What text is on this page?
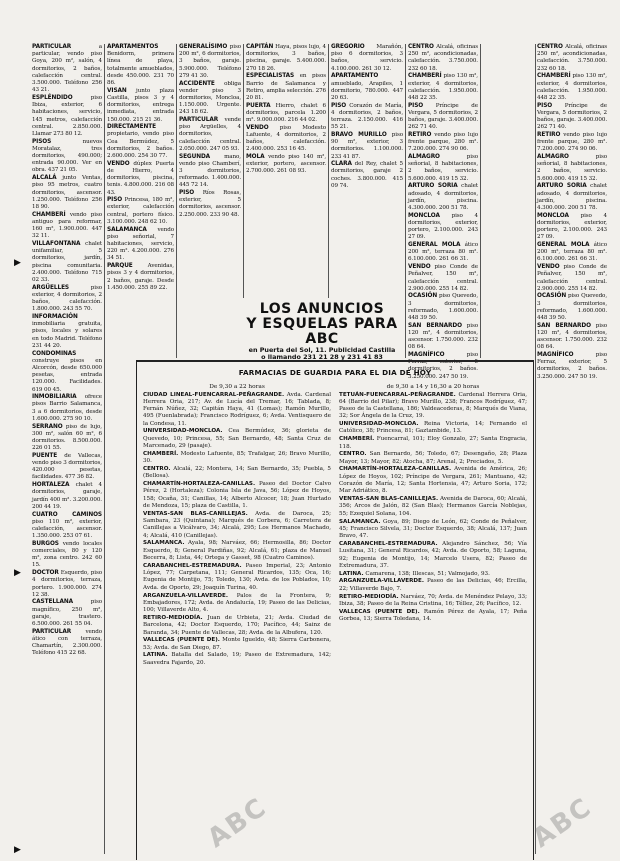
PARTICULAR a particular, vendo piso Goya, 200 m², salón, 4 dormitorios, 2 baños, calefacción central. 3.500.000. Teléfono 256 43 21.

ESPLÉNDIDO piso Ibiza, exterior, 6 habitaciones, servicio, 145 metros, calefacción central. 2.850.000. Llamar 273 80 12.

PISOS nuevos Moratalaz, tres dormitorios, 490.000; entrada 90.000. Ver en obra. 437 21 05.

ALCALÁ junto Ventas, piso 95 metros, cuatro dormitorios, ascensor. 1.250.000. Teléfono 256 18 90.

CHAMBERÍ vendo piso antiguo para reformar, 160 m², 1.900.000. 447 32 11.

VILLAFONTANA chalet unifamiliar, 5 dormitorios, jardín, piscina comunitaria. 2.400.000. Teléfono 715 02 33.

ARGÜELLES piso exterior, 4 dormitorios, 2 baños, calefacción. 1.800.000. 243 55 70.

INFORMACIÓN inmobiliaria gratuita, pisos, locales y solares en todo Madrid. Teléfono 231 44 20.

CONDOMINAS construye pisos en Alcorcón, desde 650.000 pesetas, entrada 120.000. Facilidades. 619 00 45.

INMOBILIARIA ofrece pisos Barrio Salamanca, 3 a 6 dormitorios, desde 1.600.000. 275 90 10.

SERRANO piso de lujo, 300 m², salón 60 m², 6 dormitorios. 8.500.000. 226 01 55.

PUENTE de Vallecas, vendo piso 3 dormitorios, 420.000 pesetas, facilidades. 477 36 82.

HORTALEZA chalet 4 dormitorios, garaje, jardín 400 m². 3.200.000. 200 44 19.

CUATRO CAMINOS piso 110 m², exterior, calefacción, ascensor. 1.350.000. 253 07 61.

BURGOS vendo locales comerciales, 80 y 120 m², zona centro. 242 60 15.

DOCTOR Esquerdo, piso 4 dormitorios, terraza, portero. 1.900.000. 274 12 38.

CASTELLANA piso magnífico, 250 m², garaje, trastero. 6.500.000. 261 55 04.

PARTICULAR vendo ático con terraza, Chamartín, 2.300.000. Teléfono 415 22 68.

APARTAMENTOS Benidorm, primera línea de playa, totalmente amueblados, desde 450.000. 231 70 86.

VISAN junto plaza Castilla, pisos 3 y 4 dormitorios, entrega inmediata, entrada 150.000. 215 21 36.

DIRECTAMENTE propietario, vendo piso Cea Bermúdez, 5 dormitorios, 2 baños. 2.600.000. 254 30 77.

VENDO dúplex Puerta de Hierro, 4 dormitorios, piscina, tenis. 4.800.000. 216 08 43.

PISO Princesa, 180 m², exterior, calefacción central, portero físico. 3.100.000. 248 62 10.

SALAMANCA vendo piso señorial, 7 habitaciones, servicio, 220 m². 4.200.000. 276 34 51.

PARQUE Avenidas, pisos 3 y 4 dormitorios, 2 baños, garaje. Desde 1.450.000. 255 89 22.

GENERALÍSIMO piso 200 m², 6 dormitorios, 3 baños, garaje. 5.900.000. Teléfono 279 41 30.

ACCIDENTE obliga vender piso 3 dormitorios, Moncloa, 1.150.000. Urgente. 243 18 62.

PARTICULAR vende piso Argüelles, 4 dormitorios, calefacción central. 2.050.000. 247 05 93.

SEGUNDA mano, vendo piso Chamberí, 3 dormitorios, reformado. 1.400.000. 445 72 14.

PISO Ríos Rosas, exterior, 5 dormitorios, ascensor. 2.250.000. 233 90 48.

CAPITÁN Haya, pisos lujo, 4 dormitorios, 3 baños, piscina, garaje. 5.400.000. 270 18 26.

ESPECIALISTAS en pisos Barrio de Salamanca y Retiro, amplia selección. 276 20 81.

PUERTA Hierro, chalet 6 dormitorios, parcela 1.200 m². 9.000.000. 216 44 02.

VENDO piso Modesto Lafuente, 4 dormitorios, 2 baños, calefacción. 2.400.000. 253 16 45.

MOLA vendo piso 140 m², exterior, portero, ascensor. 2.700.000. 261 08 93.

GREGORIO Marañón, piso 6 dormitorios, 3 baños, servicio. 4.100.000. 261 30 12.

APARTAMENTO amueblado, Arapiles, 1 dormitorio, 780.000. 447 20 63.

PISO Corazón de María, 4 dormitorios, 2 baños, terraza. 2.150.000. 416 55 21.

BRAVO MURILLO piso 90 m², exterior, 3 dormitorios. 1.100.000. 233 41 87.

CLARA del Rey, chalet 5 dormitorios, garaje 2 coches. 3.800.000. 415 09 74.

CENTRO Alcalá, oficinas 250 m², acondicionadas, calefacción. 3.750.000. 232 60 18.

CHAMBERÍ piso 130 m², exterior, 4 dormitorios, calefacción. 1.950.000. 448 22 35.

PISO Príncipe de Vergara, 5 dormitorios, 2 baños, garaje. 3.400.000. 262 71 40.

RETIRO vendo piso lujo frente parque, 280 m². 7.200.000. 274 90 06.

ALMAGRO piso señorial, 8 habitaciones, 2 baños, servicio. 5.600.000. 419 15 32.

ARTURO SORIA chalet adosado, 4 dormitorios, jardín, piscina. 4.300.000. 200 51 78.

MONCLOA piso 4 dormitorios, exterior, portero, 2.100.000. 243 27 09.

GENERAL MOLA ático 200 m², terraza 80 m². 6.100.000. 261 66 31.

VENDO piso Conde de Peñalver, 150 m², calefacción central. 2.900.000. 255 14 82.

OCASIÓN piso Quevedo, 3 dormitorios, reformado, 1.600.000. 448 39 50.

SAN BERNARDO piso 120 m², 4 dormitorios, ascensor. 1.750.000. 232 08 64.

MAGNÍFICO piso Ferraz, exterior, 5 dormitorios, 2 baños. 3.250.000. 247 50 19.

CENTRO Alcalá, oficinas 250 m², acondicionadas, calefacción. 3.750.000. 232 60 18.

CHAMBERÍ piso 130 m², exterior, 4 dormitorios, calefacción. 1.950.000. 448 22 35.

PISO Príncipe de Vergara, 5 dormitorios, 2 baños, garaje. 3.400.000. 262 71 40.

RETIRO vendo piso lujo frente parque, 280 m². 7.200.000. 274 90 06.

ALMAGRO piso señorial, 8 habitaciones, 2 baños, servicio. 5.600.000. 419 15 32.

ARTURO SORIA chalet adosado, 4 dormitorios, jardín, piscina. 4.300.000. 200 51 78.

MONCLOA piso 4 dormitorios, exterior, portero, 2.100.000. 243 27 09.

GENERAL MOLA ático 200 m², terraza 80 m². 6.100.000. 261 66 31.

VENDO piso Conde de Peñalver, 150 m², calefacción central. 2.900.000. 255 14 82.

OCASIÓN piso Quevedo, 3 dormitorios, reformado, 1.600.000. 448 39 50.

SAN BERNARDO piso 120 m², 4 dormitorios, ascensor. 1.750.000. 232 08 64.

MAGNÍFICO piso Ferraz, exterior, 5 dormitorios, 2 baños. 3.250.000. 247 50 19.

LOS ANUNCIOS
Y ESQUELAS PARA ABC
en Puerta del Sol, 11. Publicidad Castilla
o llamando 231 21 28 y 231 41 83
FARMACIAS DE GUARDIA PARA EL DIA DE HOY

De 9,30 a 22 horas

CIUDAD LINEAL-FUENCARRAL-PEÑAGRANDE. Avda. Cardenal Herrera Oria, 217; Av. de Lucía del Tremar, 16; Tablada, 8; Fernán Núñez, 32; Capitán Haya, 41 (Lomas); Ramón Murillo, 495 (Fuenlabrada); Francisco Rodríguez, 6; Avda. Ventisquero de la Condesa, 11.

UNIVERSIDAD-MONCLOA. Cea Bermúdez, 36; glorieta de Quevedo, 10; Princesa, 55; San Bernardo, 48; Santa Cruz de Marcenado, 29 (pasaje).

CHAMBERÍ. Modesto Lafuente, 85; Trafalgar, 26; Bravo Murillo, 30.

CENTRO. Alcalá, 22; Montera, 14; San Bernardo, 35; Puebla, 5 (Bellosa).

CHAMARTÍN-HORTALEZA-CANILLAS. Paseo del Doctor Calvo Pérez, 2 (Hortaleza); Colonia Isla de Java, 56; López de Hoyos, 158; Ocaña, 31; Canillas, 14; Alberto Alcocer, 18; Juan Hurtado de Mendoza, 15; plaza de Castilla, 1.

VENTAS-SAN BLAS-CANILLEJAS. Avda. de Daroca, 25; Sambara, 23 (Quintana); Marqués de Corbera, 6; Carretera de Canillejas a Vicálvaro, 34; Alcalá, 295; Los Hermanos Machado, 4; Alcalá, 410 (Canillejas).

SALAMANCA. Ayala, 98; Narváez, 66; Hermosilla, 86; Doctor Esquerdo, 8; General Pardiñas, 92; Alcalá, 61; plaza de Manuel Becerra, 8; Lista, 44; Ortega y Gasset, 98 (Cuatro Caminos).

CARABANCHEL-ESTREMADURA. Paseo Imperial, 23; Antonio López, 77; Carpetana, 111; General Ricardos, 135; Oca, 16; Eugenia de Montijo, 75; Toledo, 130; Avda. de los Poblados, 10; Avda. de Oporto, 29; Joaquín Turina, 40.

ARGANZUELA-VILLAVERDE. Palos de la Frontera, 9; Embajadores, 172; Avda. de Andalucía, 19; Paseo de las Delicias, 100; Villaverde Alto, 4.

RETIRO-MEDIODÍA. Juan de Urbieta, 21; Avda. Ciudad de Barcelona, 42; Doctor Esquerdo, 170; Pacífico, 44; Sainz de Baranda, 34; Puente de Vallecas, 28; Avda. de la Albufera, 120.

VALLECAS (PUENTE DE). Monte Igueldo, 48; Sierra Carbonera, 53; Avda. de San Diego, 87.

LATINA. Batalla del Salado, 19; Paseo de Extremadura, 142; Saavedra Fajardo, 20.

de 9,30 a 14 y 16,30 a 20 horas

TETUÁN-FUENCARRAL-PEÑAGRANDE. Cardenal Herrera Oria, 64 (Barrio del Pilar); Bravo Murillo, 238; Francos Rodríguez, 47; Paseo de la Castellana, 186; Valdeacederas, 8; Marqués de Viana, 32; Sor Ángela de la Cruz, 19.

UNIVERSIDAD-MONCLOA. Reina Victoria, 14; Fernando el Católico, 38; Princesa, 81; Gaztambide, 13.

CHAMBERÍ. Fuencarral, 101; Eloy Gonzalo, 27; Santa Engracia, 118.

CENTRO. San Bernardo, 56; Toledo, 67; Desengaño, 28; Plaza Mayor, 13; Mayor, 82; Atocha, 87; Arenal, 2; Preciados, 5.

CHAMARTÍN-HORTALEZA-CANILLAS. Avenida de América, 26; López de Hoyos, 102; Príncipe de Vergara, 261; Mantuano, 42; Corazón de María, 12; Santa Hortensia, 47; Arturo Soria, 172; Mar Adriático, 8.

VENTAS-SAN BLAS-CANILLEJAS. Avenida de Daroca, 60; Alcalá, 356; Arcos de Jalón, 82 (San Blas); Hermanos García Noblejas, 55; Ezequiel Solana, 104.

SALAMANCA. Goya, 89; Diego de León, 62; Conde de Peñalver, 45; Francisco Silvela, 31; Doctor Esquerdo, 38; Alcalá, 137; Juan Bravo, 47.

CARABANCHEL-ESTREMADURA. Alejandro Sánchez, 56; Vía Lusitana, 31; General Ricardos, 42; Avda. de Oporto, 58; Laguna, 92; Eugenia de Montijo, 14; Marcelo Usera, 82; Paseo de Extremadura, 37.

LATINA. Camarena, 138; Illescas, 51; Valmojado, 93.

ARGANZUELA-VILLAVERDE. Paseo de las Delicias, 46; Ercilla, 22; Villaverde Bajo, 7.

RETIRO-MEDIODÍA. Narváez, 70; Avda. de Menéndez Pelayo, 33; Ibiza, 38; Paseo de la Reina Cristina, 16; Téllez, 26; Pacífico, 12.

VALLECAS (PUENTE DE). Ramón Pérez de Ayala, 17; Peña Gorbea, 13; Sierra Toledana, 14.

ABC	ABC
▶
▶
▶
